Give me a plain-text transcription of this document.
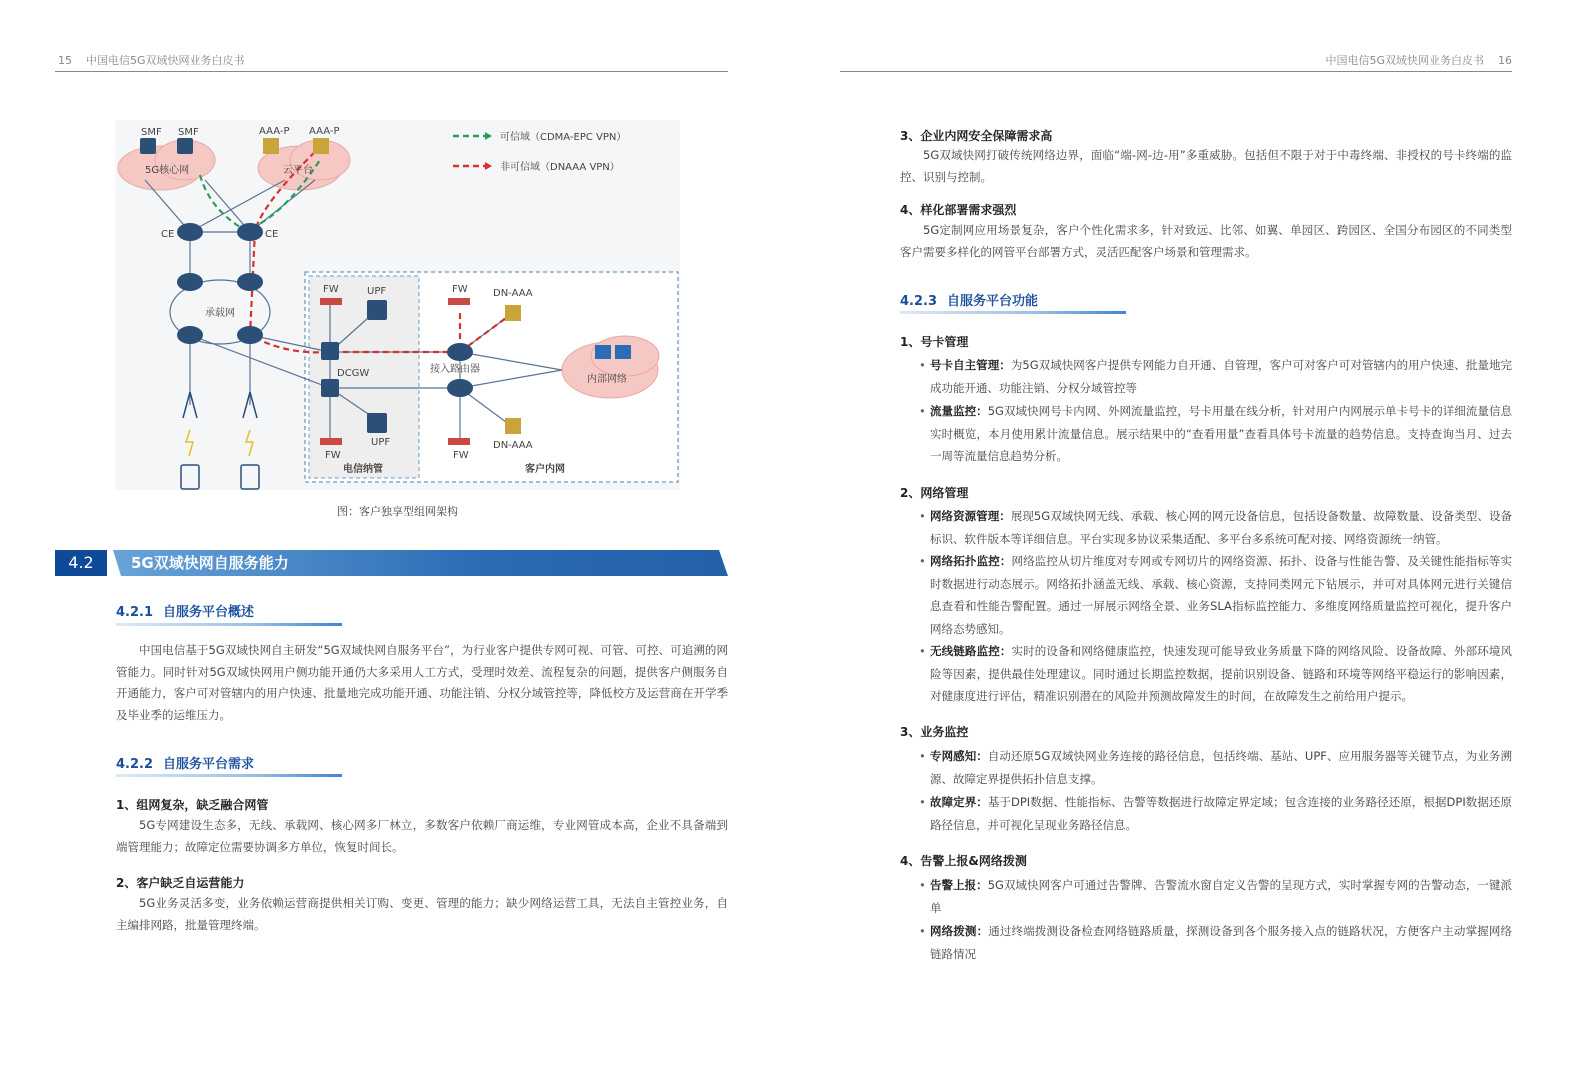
15 中国电信5G双域快网业务白皮书
可信域（CDMA-EPC VPN）
非可信域（DNAAA VPN）
5G核心网	云平台
内部网络
SMF SMF	AAA-P AAA-P
CE	CE
承载网
FW	UPF
DCGW
UPF
FW
FW	DN-AAA
接入路由器
DN-AAA
FW
电信纳管	客户内网
图：客户独享型组网架构
4.2	5G双域快网自服务能力
4.2.1 自服务平台概述
中国电信基于5G双域快网自主研发“5G双域快网自服务平台”，为行业客户提供专网可视、可管、可控、可追溯的网管能力。同时针对5G双域快网用户侧功能开通仍大多采用人工方式，受理时效差、流程复杂的问题，提供客户侧服务自开通能力，客户可对管辖内的用户快速、批量地完成功能开通、功能注销、分权分域管控等，降低校方及运营商在开学季及毕业季的运维压力。
4.2.2 自服务平台需求
1、组网复杂，缺乏融合网管
5G专网建设生态多，无线、承载网、核心网多厂林立，多数客户依赖厂商运维，专业网管成本高，企业不具备端到端管理能力；故障定位需要协调多方单位，恢复时间长。
2、客户缺乏自运营能力
5G业务灵活多变，业务依赖运营商提供相关订购、变更、管理的能力；缺少网络运营工具，无法自主管控业务，自主编排网路，批量管理终端。
中国电信5G双域快网业务白皮书 16
3、企业内网安全保障需求高
5G双域快网打破传统网络边界，面临“端-网-边-用”多重威胁。包括但不限于对于中毒终端、非授权的号卡终端的监控、识别与控制。
4、样化部署需求强烈
5G定制网应用场景复杂，客户个性化需求多，针对致远、比邻、如翼、单园区、跨园区、全国分布园区的不同类型客户需要多样化的网管平台部署方式，灵活匹配客户场景和管理需求。
4.2.3 自服务平台功能
1、号卡管理
• 号卡自主管理：为5G双域快网客户提供专网能力自开通、自管理，客户可对客户可对管辖内的用户快速、批量地完成功能开通、功能注销、分权分域管控等
• 流量监控：5G双域快网号卡内网、外网流量监控，号卡用量在线分析，针对用户内网展示单卡号卡的详细流量信息实时概览，本月使用累计流量信息。展示结果中的“查看用量”查看具体号卡流量的趋势信息。支持查询当月、过去一周等流量信息趋势分析。
2、网络管理
• 网络资源管理：展现5G双域快网无线、承载、核心网的网元设备信息，包括设备数量、故障数量、设备类型、设备标识、软件版本等详细信息。平台实现多协议采集适配、多平台多系统可配对接、网络资源统一纳管。
• 网络拓扑监控：网络监控从切片维度对专网或专网切片的网络资源、拓扑、设备与性能告警、及关键性能指标等实时数据进行动态展示。网络拓扑涵盖无线、承载、核心资源，支持同类网元下钻展示，并可对具体网元进行关键信息查看和性能告警配置。通过一屏展示网络全景、业务SLA指标监控能力、多维度网络质量监控可视化，提升客户网络态势感知。
• 无线链路监控：实时的设备和网络健康监控，快速发现可能导致业务质量下降的网络风险、设备故障、外部环境风险等因素，提供最佳处理建议。同时通过长期监控数据，提前识别设备、链路和环境等网络平稳运行的影响因素，对健康度进行评估，精准识别潜在的风险并预测故障发生的时间，在故障发生之前给用户提示。
3、业务监控
• 专网感知：自动还原5G双域快网业务连接的路径信息，包括终端、基站、UPF、应用服务器等关键节点，为业务溯源、故障定界提供拓扑信息支撑。
• 故障定界：基于DPI数据、性能指标、告警等数据进行故障定界定域；包含连接的业务路径还原，根据DPI数据还原路径信息，并可视化呈现业务路径信息。
4、告警上报&网络拨测
• 告警上报：5G双域快网客户可通过告警牌、告警流水窗自定义告警的呈现方式，实时掌握专网的告警动态，一键派单
• 网络拨测：通过终端拨测设备检查网络链路质量，探测设备到各个服务接入点的链路状况，方便客户主动掌握网络链路情况
